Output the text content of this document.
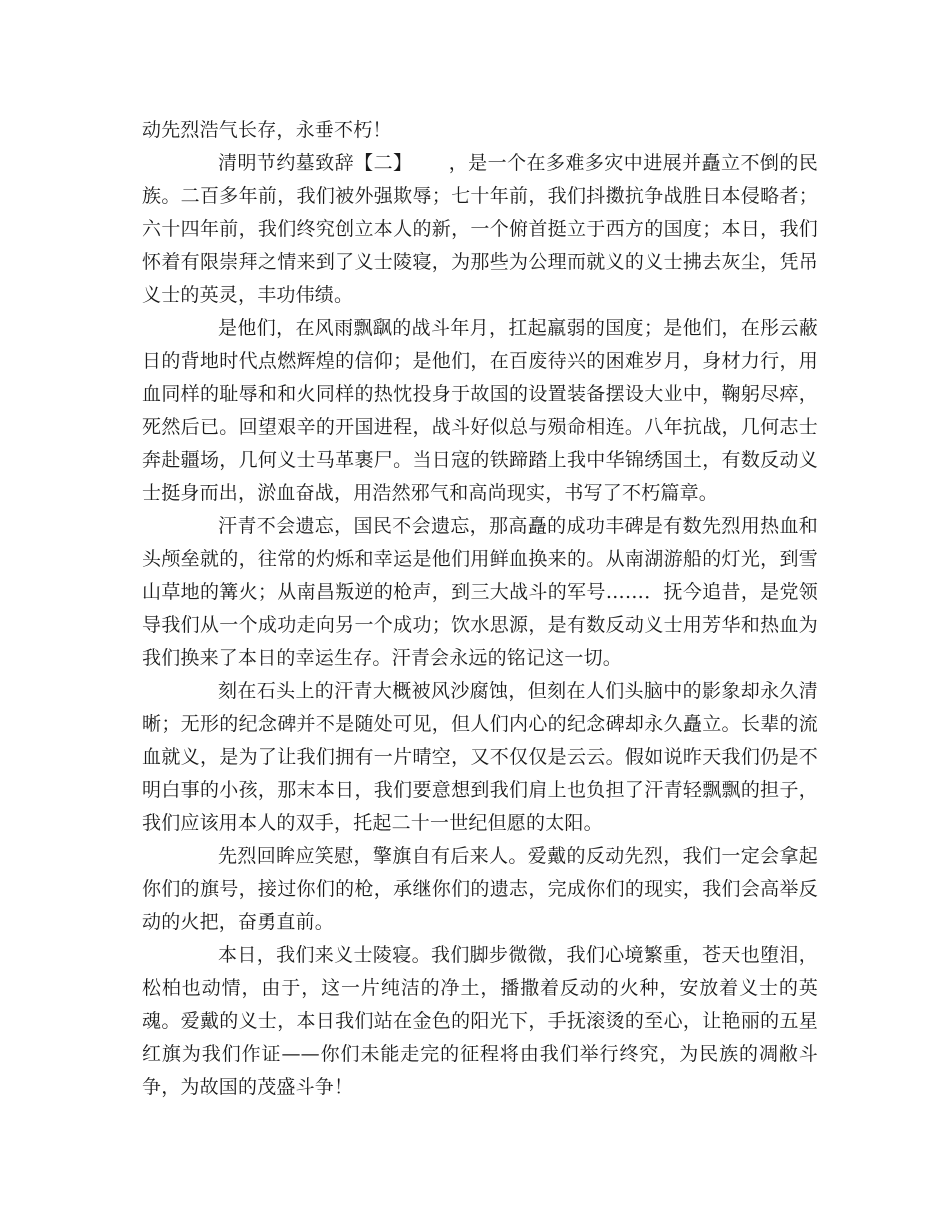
动先烈浩气长存，永垂不朽！

清明节约墓致辞【二】 ，是一个在多难多灾中进展并矗立不倒的民族。二百多年前，我们被外强欺辱；七十年前，我们抖擞抗争战胜日本侵略者；六十四年前，我们终究创立本人的新，一个俯首挺立于西方的国度；本日，我们怀着有限崇拜之情来到了义士陵寝，为那些为公理而就义的义士拂去灰尘，凭吊义士的英灵，丰功伟绩。

是他们，在风雨飘飖的战斗年月，扛起羸弱的国度；是他们，在彤云蔽日的背地时代点燃辉煌的信仰；是他们，在百废待兴的困难岁月，身材力行，用血同样的耻辱和和火同样的热忱投身于故国的设置装备摆设大业中，鞠躬尽瘁，死然后已。回望艰辛的开国进程，战斗好似总与殒命相连。八年抗战，几何志士奔赴疆场，几何义士马革裹尸。当日寇的铁蹄踏上我中华锦绣国土，有数反动义士挺身而出，淤血奋战，用浩然邪气和高尚现实，书写了不朽篇章。

汗青不会遗忘，国民不会遗忘，那高矗的成功丰碑是有数先烈用热血和头颅垒就的，往常的灼烁和幸运是他们用鲜血换来的。从南湖游船的灯光，到雪山草地的篝火；从南昌叛逆的枪声，到三大战斗的军号……．抚今追昔，是党领导我们从一个成功走向另一个成功；饮水思源，是有数反动义士用芳华和热血为我们换来了本日的幸运生存。汗青会永远的铭记这一切。

刻在石头上的汗青大概被风沙腐蚀，但刻在人们头脑中的影象却永久清晰；无形的纪念碑并不是随处可见，但人们内心的纪念碑却永久矗立。长辈的流血就义，是为了让我们拥有一片晴空，又不仅仅是云云。假如说昨天我们仍是不明白事的小孩，那末本日，我们要意想到我们肩上也负担了汗青轻飘飘的担子，我们应该用本人的双手，托起二十一世纪但愿的太阳。

先烈回眸应笑慰，擎旗自有后来人。爱戴的反动先烈，我们一定会拿起你们的旗号，接过你们的枪，承继你们的遗志，完成你们的现实，我们会高举反动的火把，奋勇直前。

本日，我们来义士陵寝。我们脚步微微，我们心境繁重，苍天也堕泪，松柏也动情，由于，这一片纯洁的净土，播撒着反动的火种，安放着义士的英魂。爱戴的义士，本日我们站在金色的阳光下，手抚滚烫的至心，让艳丽的五星红旗为我们作证——你们未能走完的征程将由我们举行终究，为民族的凋敝斗争，为故国的茂盛斗争！
